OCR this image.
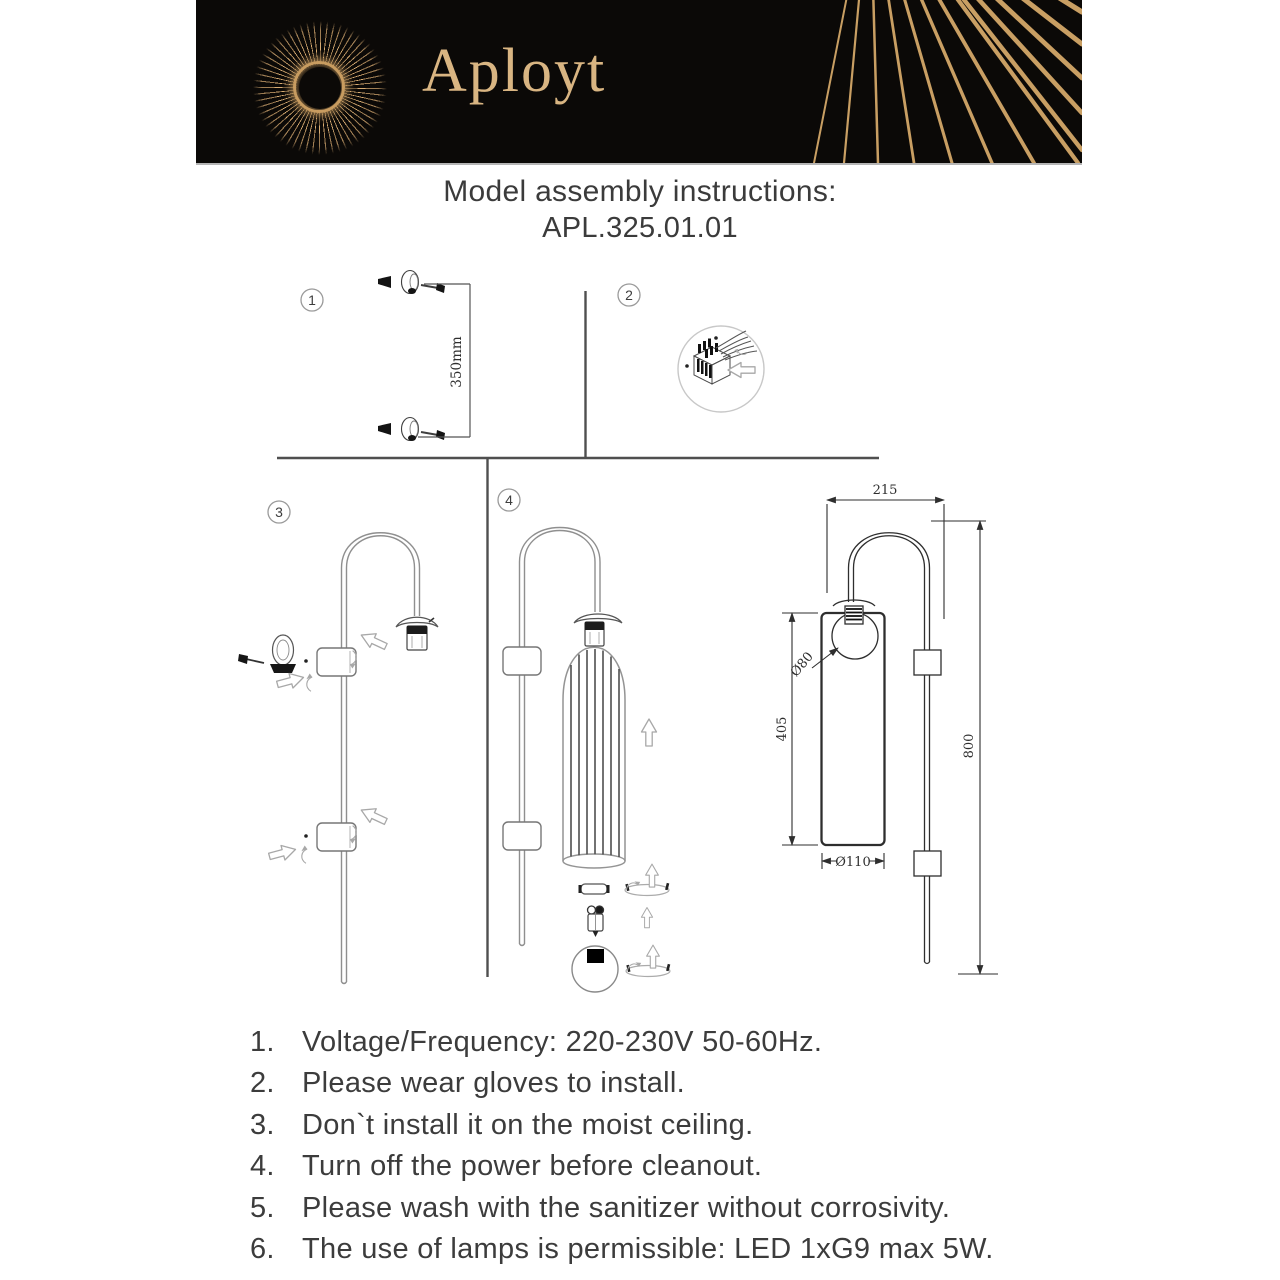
Aployt
Model assembly instructions:
APL.325.01.01
1	2
3
4
350mm
215
800
405
Ø80
Ø110
1. Voltage/Frequency: 220-230V 50-60Hz.
2. Please wear gloves to install.
3. Don`t install it on the moist ceiling.
4. Turn off the power before cleanout.
5. Please wash with the sanitizer without corrosivity.
6. The use of lamps is permissible: LED 1xG9 max 5W.
